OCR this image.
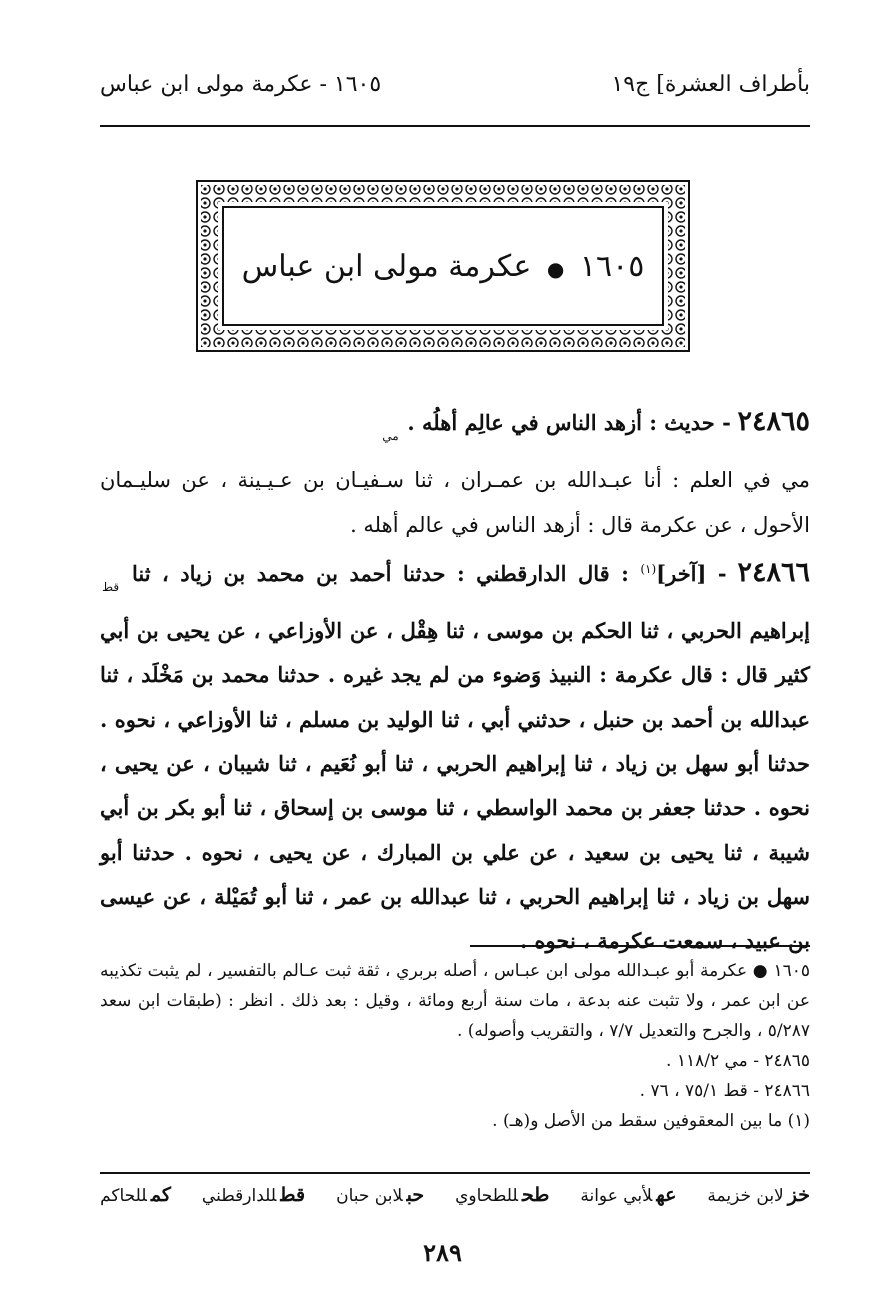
بأطراف العشرة] ج١٩
١٦٠٥ - عكرمة مولى ابن عباس
١٦٠٥ ● عكرمة مولى ابن عباس

٢٤٨٦٥ - حديث : أزهد الناس في عالِم أهلُه . $_{مي}$

مي في العلم : أنا عبـدالله بن عمـران ، ثنا سـفيـان بن عـيـينة ، عن سليـمان الأحول ، عن عكرمة قال : أزهد الناس في عالم أهله .

٢٤٨٦٦ - [آخر]$^{(١)}$ : قال الدارقطني : حدثنا أحمد بن محمد بن زياد ، ثنا $_{قط}$ إبراهيم الحربي ، ثنا الحكم بن موسى ، ثنا هِقْل ، عن الأوزاعي ، عن يحيى بن أبي كثير قال : قال عكرمة : النبيذ وَضوء من لم يجد غيره . حدثنا محمد بن مَخْلَد ، ثنا عبدالله بن أحمد بن حنبل ، حدثني أبي ، ثنا الوليد بن مسلم ، ثنا الأوزاعي ، نحوه . حدثنا أبو سهل بن زياد ، ثنا إبراهيم الحربي ، ثنا أبو نُعَيم ، ثنا شيبان ، عن يحيى ، نحوه . حدثنا جعفر بن محمد الواسطي ، ثنا موسى بن إسحاق ، ثنا أبو بكر بن أبي شيبة ، ثنا يحيى بن سعيد ، عن علي بن المبارك ، عن يحيى ، نحوه . حدثنا أبو سهل بن زياد ، ثنا إبراهيم الحربي ، ثنا عبدالله بن عمر ، ثنا أبو تُمَيْلة ، عن عيسى بن عبيد ، سمعت عكرمة ، نحوه .

١٦٠٥ ● عكرمة أبو عبـدالله مولى ابن عبـاس ، أصله بربري ، ثقة ثبت عـالم بالتفسير ، لم يثبت تكذيبه عن ابن عمر ، ولا تثبت عنه بدعة ، مات سنة أربع ومائة ، وقيل : بعد ذلك . انظر : (طبقات ابن سعد ٥/٢٨٧ ، والجرح والتعديل ٧/٧ ، والتقريب وأصوله) .

٢٤٨٦٥ - مي ١١٨/٢ .

٢٤٨٦٦ - قط ٧٥/١ ، ٧٦ .

(١) ما بين المعقوفين سقط من الأصل و(هـ) .

خزلابن خزيمة
عهلأبي عوانة
طحللطحاوي
حبلابن حبان
قطللدارقطني
كمللحاكم
٢٨٩
